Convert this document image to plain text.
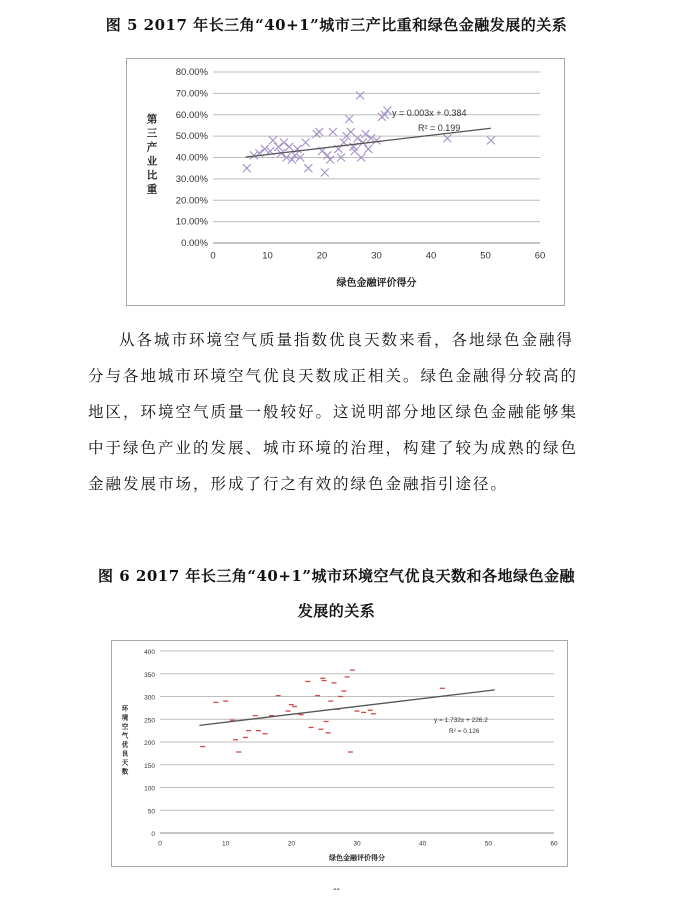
图 5 2017 年长三角“40+1”城市三产比重和绿色金融发展的关系
0.00%
10.00%
20.00%
30.00%
40.00%
50.00%
60.00%
70.00%
80.00%
0	10	20	30	40	50	60
y = 0.003x + 0.384
R² = 0.199
绿色金融评价得分
第三产业比重

从各城市环境空气质量指数优良天数来看，各地绿色金融得分与各地城市环境空气优良天数成正相关。绿色金融得分较高的地区，环境空气质量一般较好。这说明部分地区绿色金融能够集中于绿色产业的发展、城市环境的治理，构建了较为成熟的绿色金融发展市场，形成了行之有效的绿色金融指引途径。

图 6 2017 年长三角“40+1”城市环境空气优良天数和各地绿色金融
发展的关系
0
50
100
150
200
250
300
350
400
0	10	20	30	40	50	60
y = 1.732x + 226.2
R² = 0.126
绿色金融评价得分
环境空气优良天数
--
